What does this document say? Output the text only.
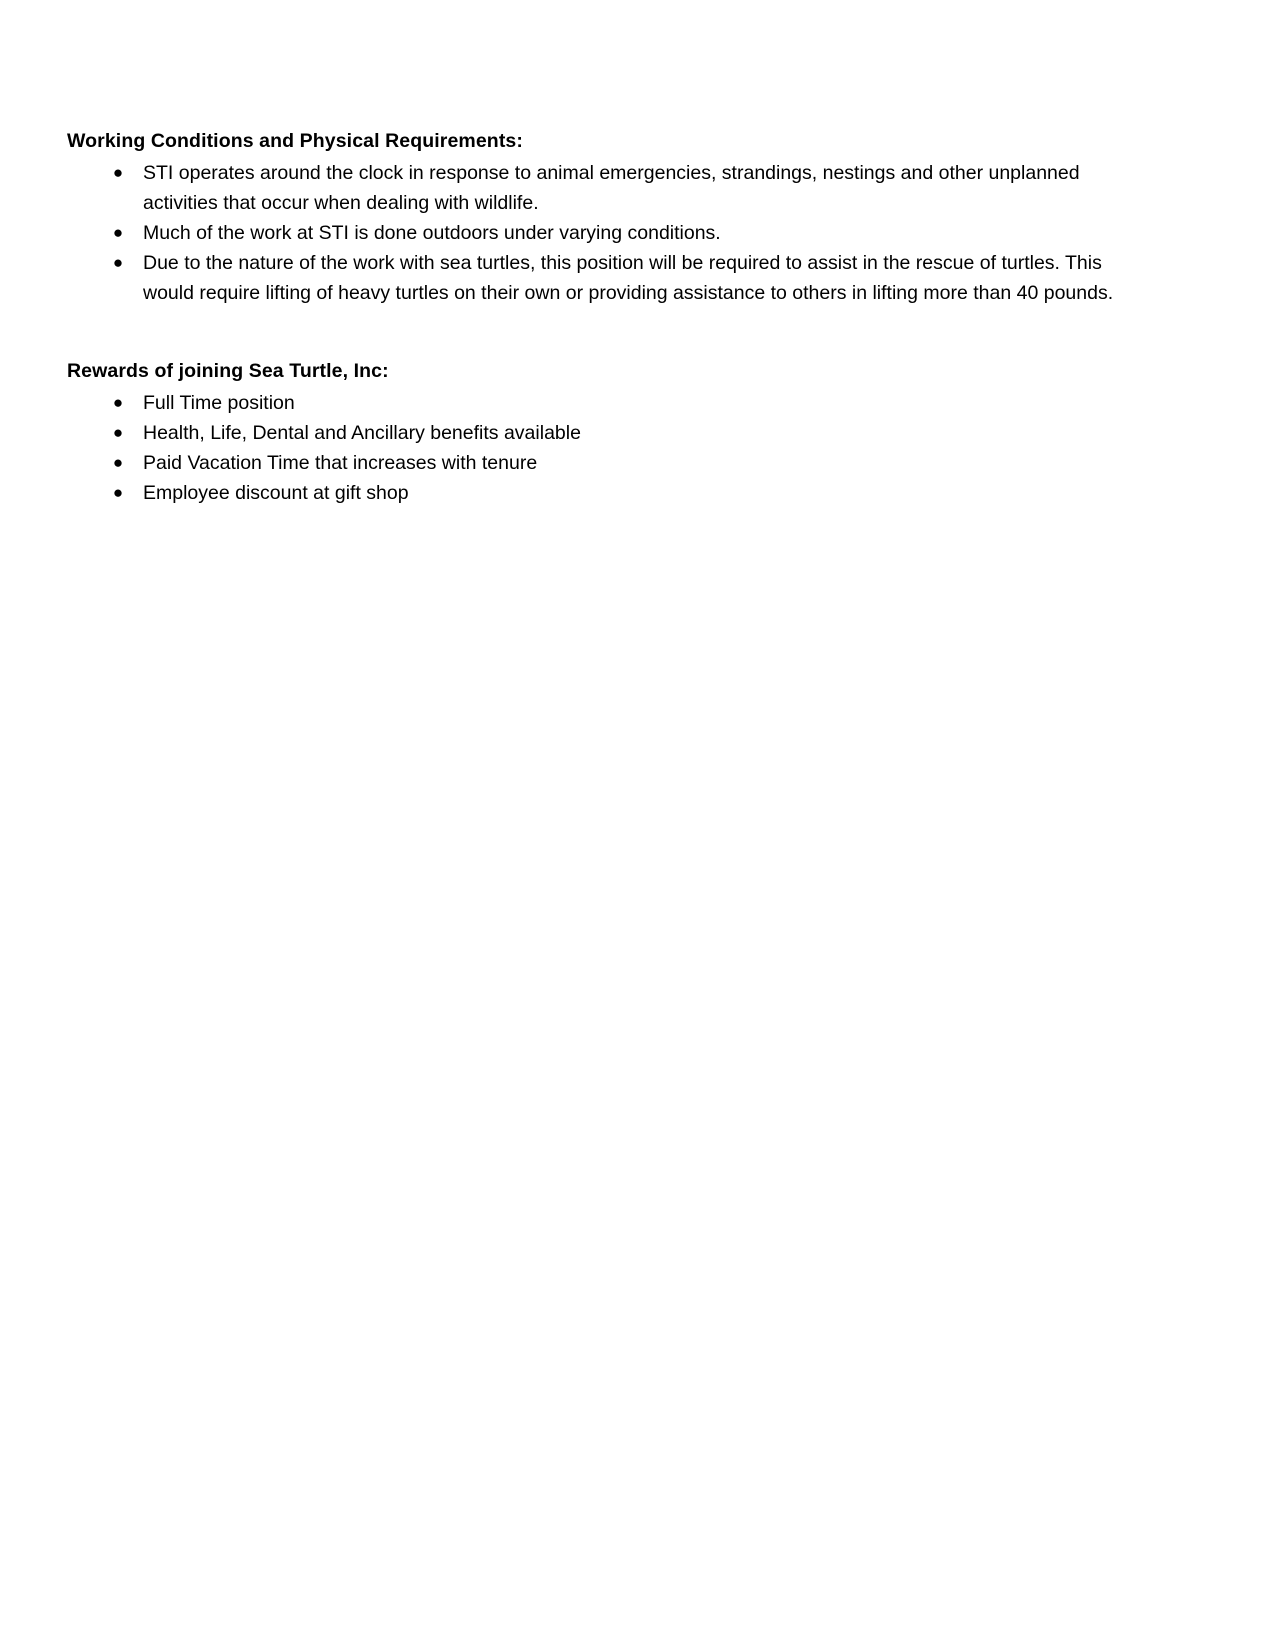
Working Conditions and Physical Requirements:
● STI operates around the clock in response to animal emergencies, strandings, nestings and other unplanned activities that occur when dealing with wildlife.
● Much of the work at STI is done outdoors under varying conditions.
● Due to the nature of the work with sea turtles, this position will be required to assist in the rescue of turtles. This would require lifting of heavy turtles on their own or providing assistance to others in lifting more than 40 pounds.
Rewards of joining Sea Turtle, Inc:
● Full Time position
● Health, Life, Dental and Ancillary benefits available
● Paid Vacation Time that increases with tenure
● Employee discount at gift shop
